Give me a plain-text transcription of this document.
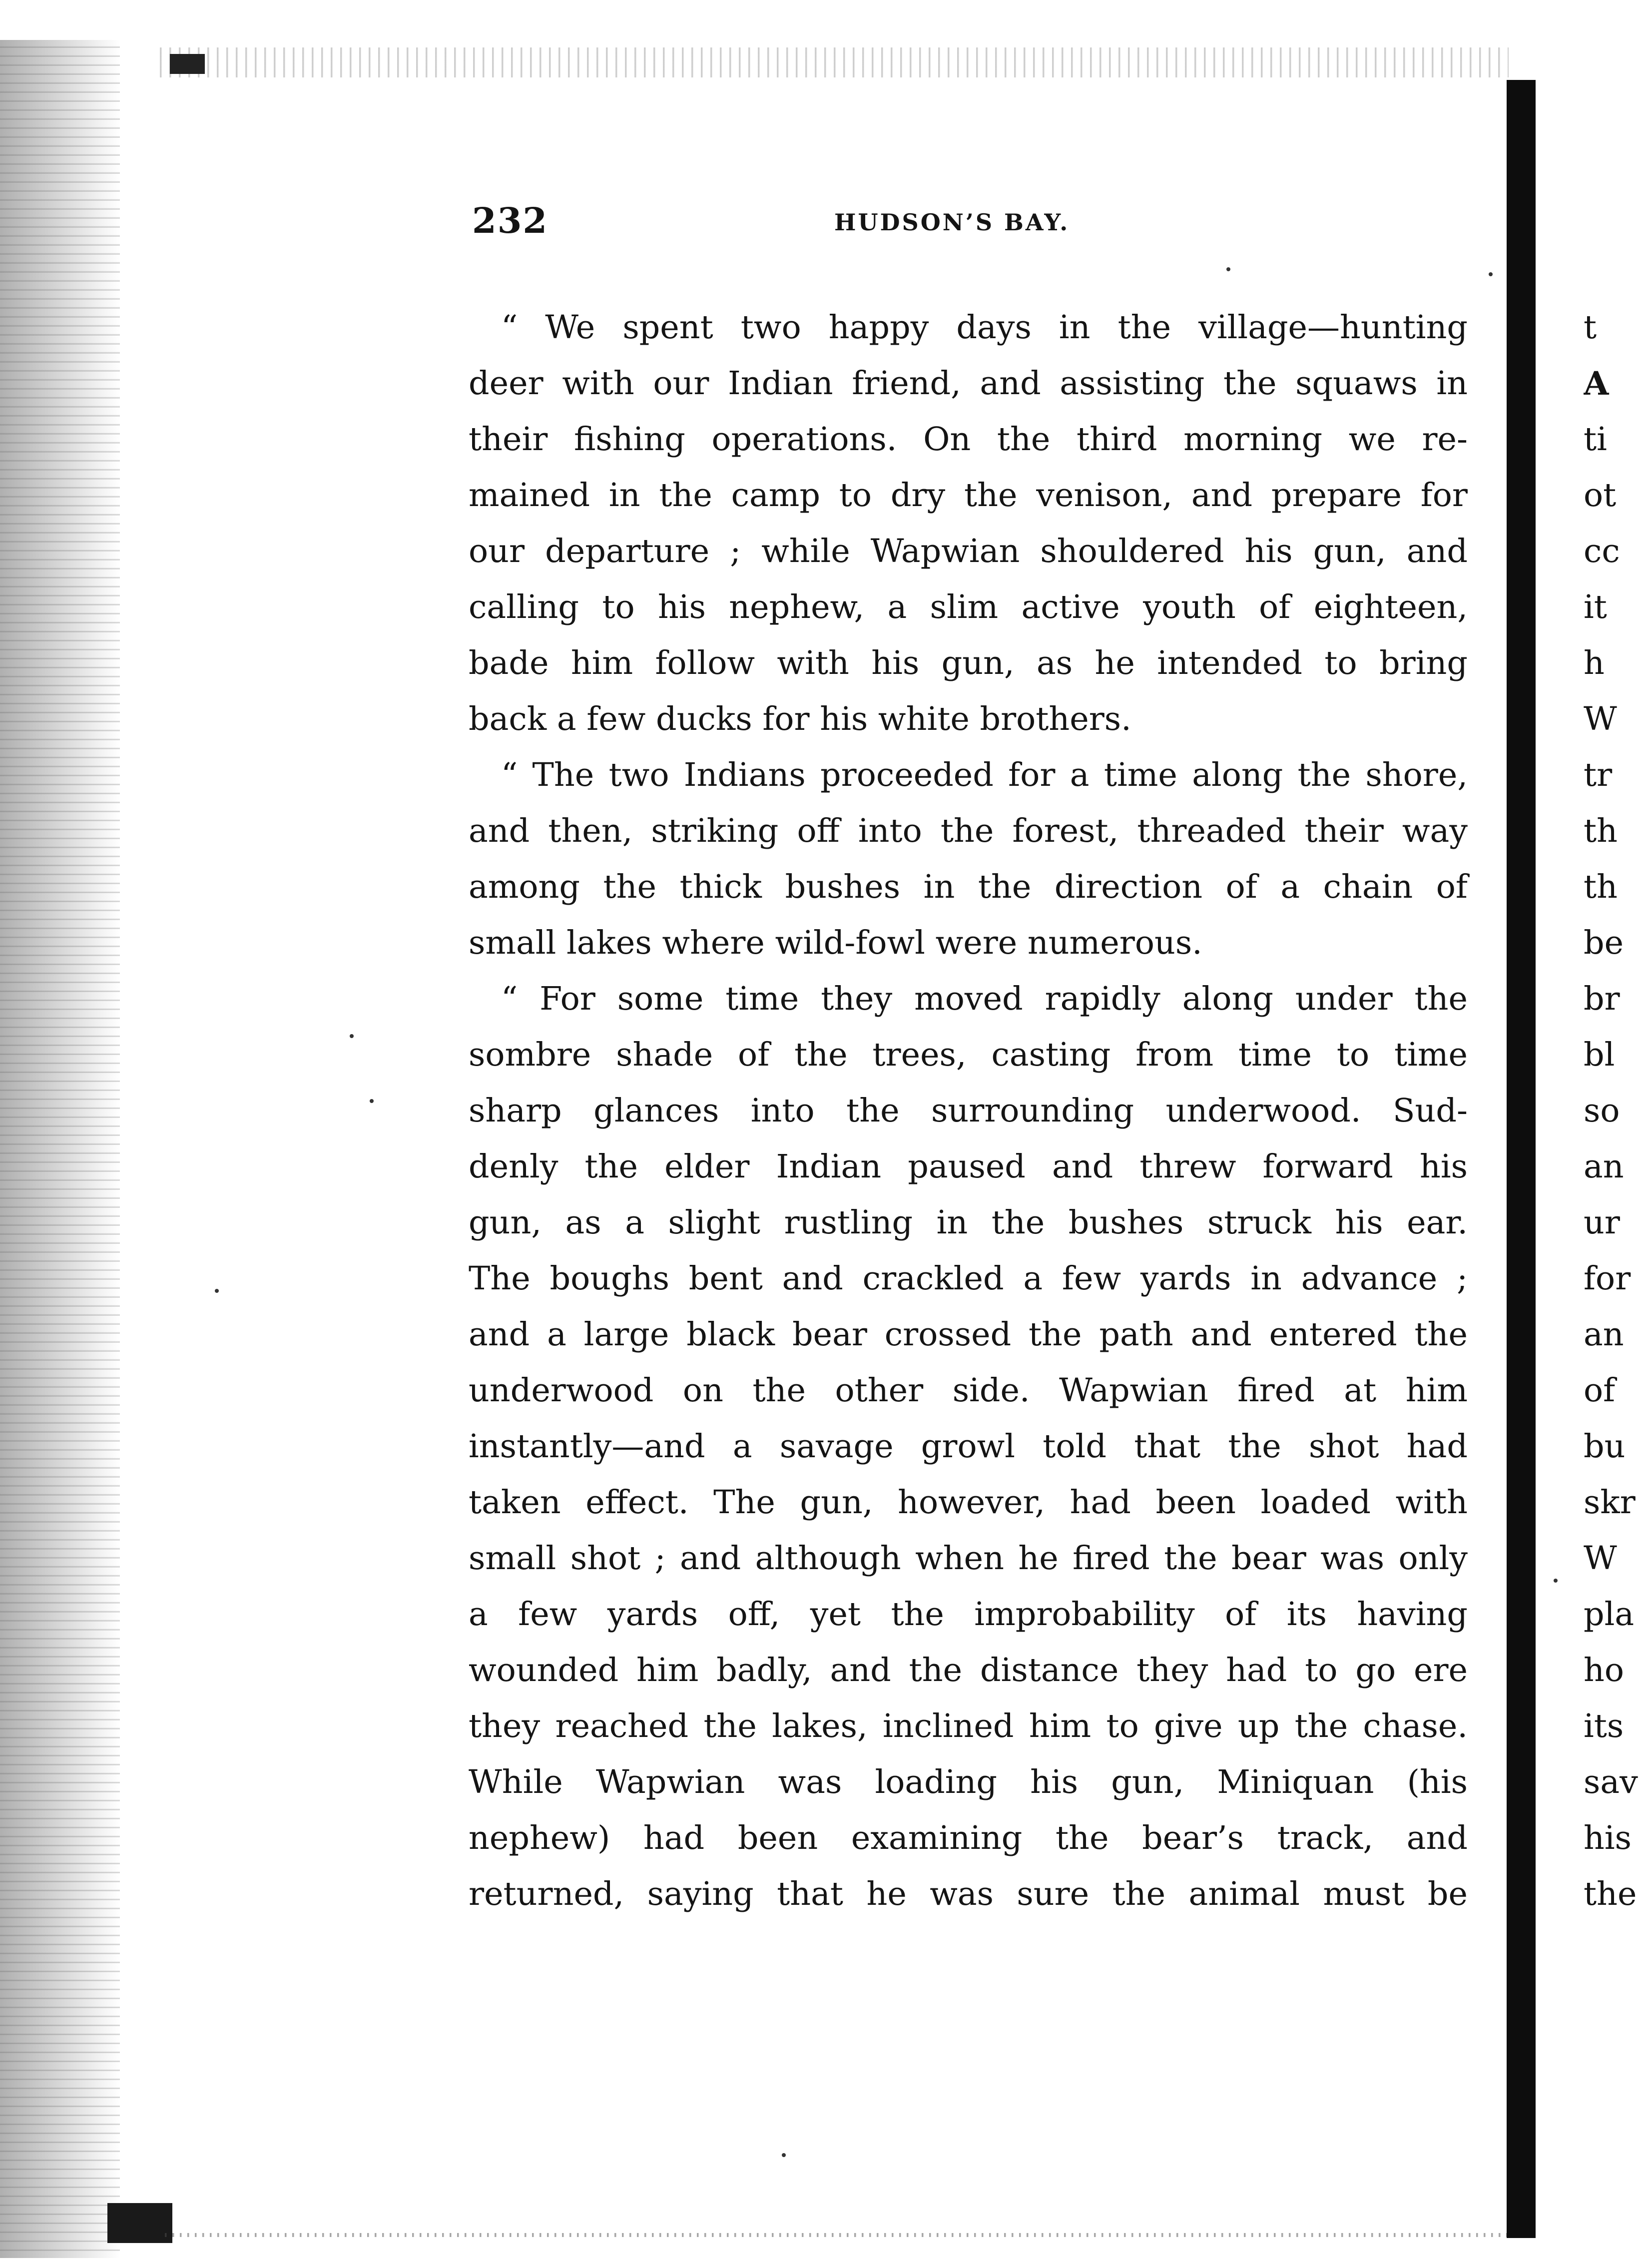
232	HUDSON’S BAY.
“ We spent two happy days in the village—hunting
deer with our Indian friend, and assisting the squaws in
their fishing operations. On the third morning we re-
mained in the camp to dry the venison, and prepare for
our departure ; while Wapwian shouldered his gun, and
calling to his nephew, a slim active youth of eighteen,
bade him follow with his gun, as he intended to bring
back a few ducks for his white brothers.
“ The two Indians proceeded for a time along the shore,
and then, striking off into the forest, threaded their way
among the thick bushes in the direction of a chain of
small lakes where wild-fowl were numerous.
“ For some time they moved rapidly along under the
sombre shade of the trees, casting from time to time
sharp glances into the surrounding underwood. Sud-
denly the elder Indian paused and threw forward his
gun, as a slight rustling in the bushes struck his ear.
The boughs bent and crackled a few yards in advance ;
and a large black bear crossed the path and entered the
underwood on the other side. Wapwian fired at him
instantly—and a savage growl told that the shot had
taken effect. The gun, however, had been loaded with
small shot ; and although when he fired the bear was only
a few yards off, yet the improbability of its having
wounded him badly, and the distance they had to go ere
they reached the lakes, inclined him to give up the chase.
While Wapwian was loading his gun, Miniquan (his
nephew) had been examining the bear’s track, and
returned, saying that he was sure the animal must be
t
A
ti
ot
cc
it
h
W
tr
th
th
be
br
bl
so
an
ur
for
an
of
bu
skr
W
pla
ho
its
sav
his
the
